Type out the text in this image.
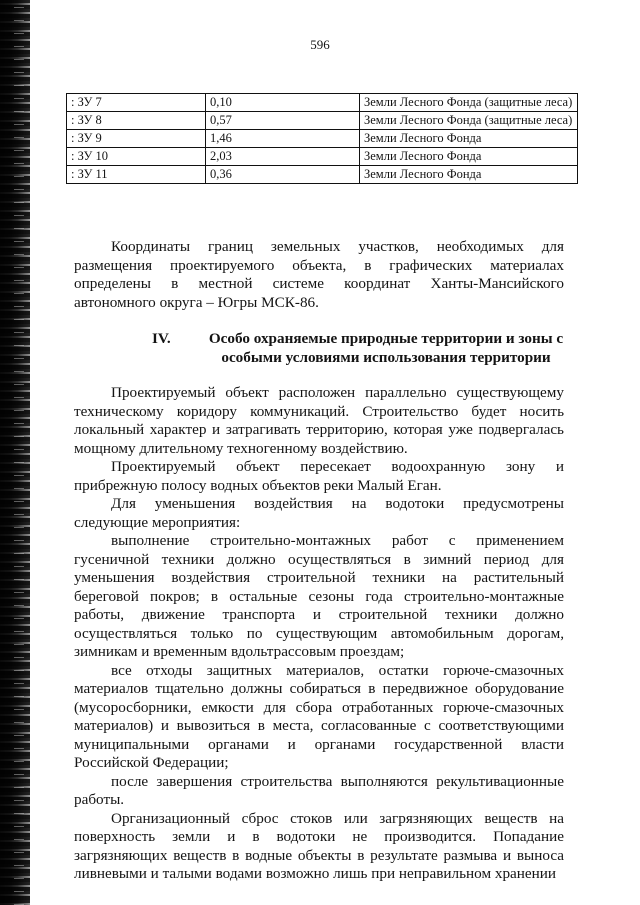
596
: ЗУ 7	0,10	Земли Лесного Фонда (защитные леса)
: ЗУ 8	0,57	Земли Лесного Фонда (защитные леса)
: ЗУ 9	1,46	Земли Лесного Фонда
: ЗУ 10	2,03	Земли Лесного Фонда
: ЗУ 11	0,36	Земли Лесного Фонда

Координаты границ земельных участков, необходимых для размещения проектируемого объекта, в графических материалах определены в местной системе координат Ханты-Мансийского автономного округа – Югры МСК-86.

IV.	Особо охраняемые природные территории и зоны с особыми условиями использования территории

Проектируемый объект расположен параллельно существующему техническому коридору коммуникаций. Строительство будет носить локальный характер и затрагивать территорию, которая уже подвергалась мощному длительному техногенному воздействию.

Проектируемый объект пересекает водоохранную зону и прибрежную полосу водных объектов реки Малый Еган.

Для уменьшения воздействия на водотоки предусмотрены следующие мероприятия:

выполнение строительно-монтажных работ с применением гусеничной техники должно осуществляться в зимний период для уменьшения воздействия строительной техники на растительный береговой покров; в остальные сезоны года строительно-монтажные работы, движение транспорта и строительной техники должно осуществляться только по существующим автомобильным дорогам, зимникам и временным вдольтрассовым проездам;

все отходы защитных материалов, остатки горюче-смазочных материалов тщательно должны собираться в передвижное оборудование (мусоросборники, емкости для сбора отработанных горюче-смазочных материалов) и вывозиться в места, согласованные с соответствующими муниципальными органами и органами государственной власти Российской Федерации;

после завершения строительства выполняются рекультивационные работы.

Организационный сброс стоков или загрязняющих веществ на поверхность земли и в водотоки не производится. Попадание загрязняющих веществ в водные объекты в результате размыва и выноса ливневыми и талыми водами возможно лишь при неправильном хранении
